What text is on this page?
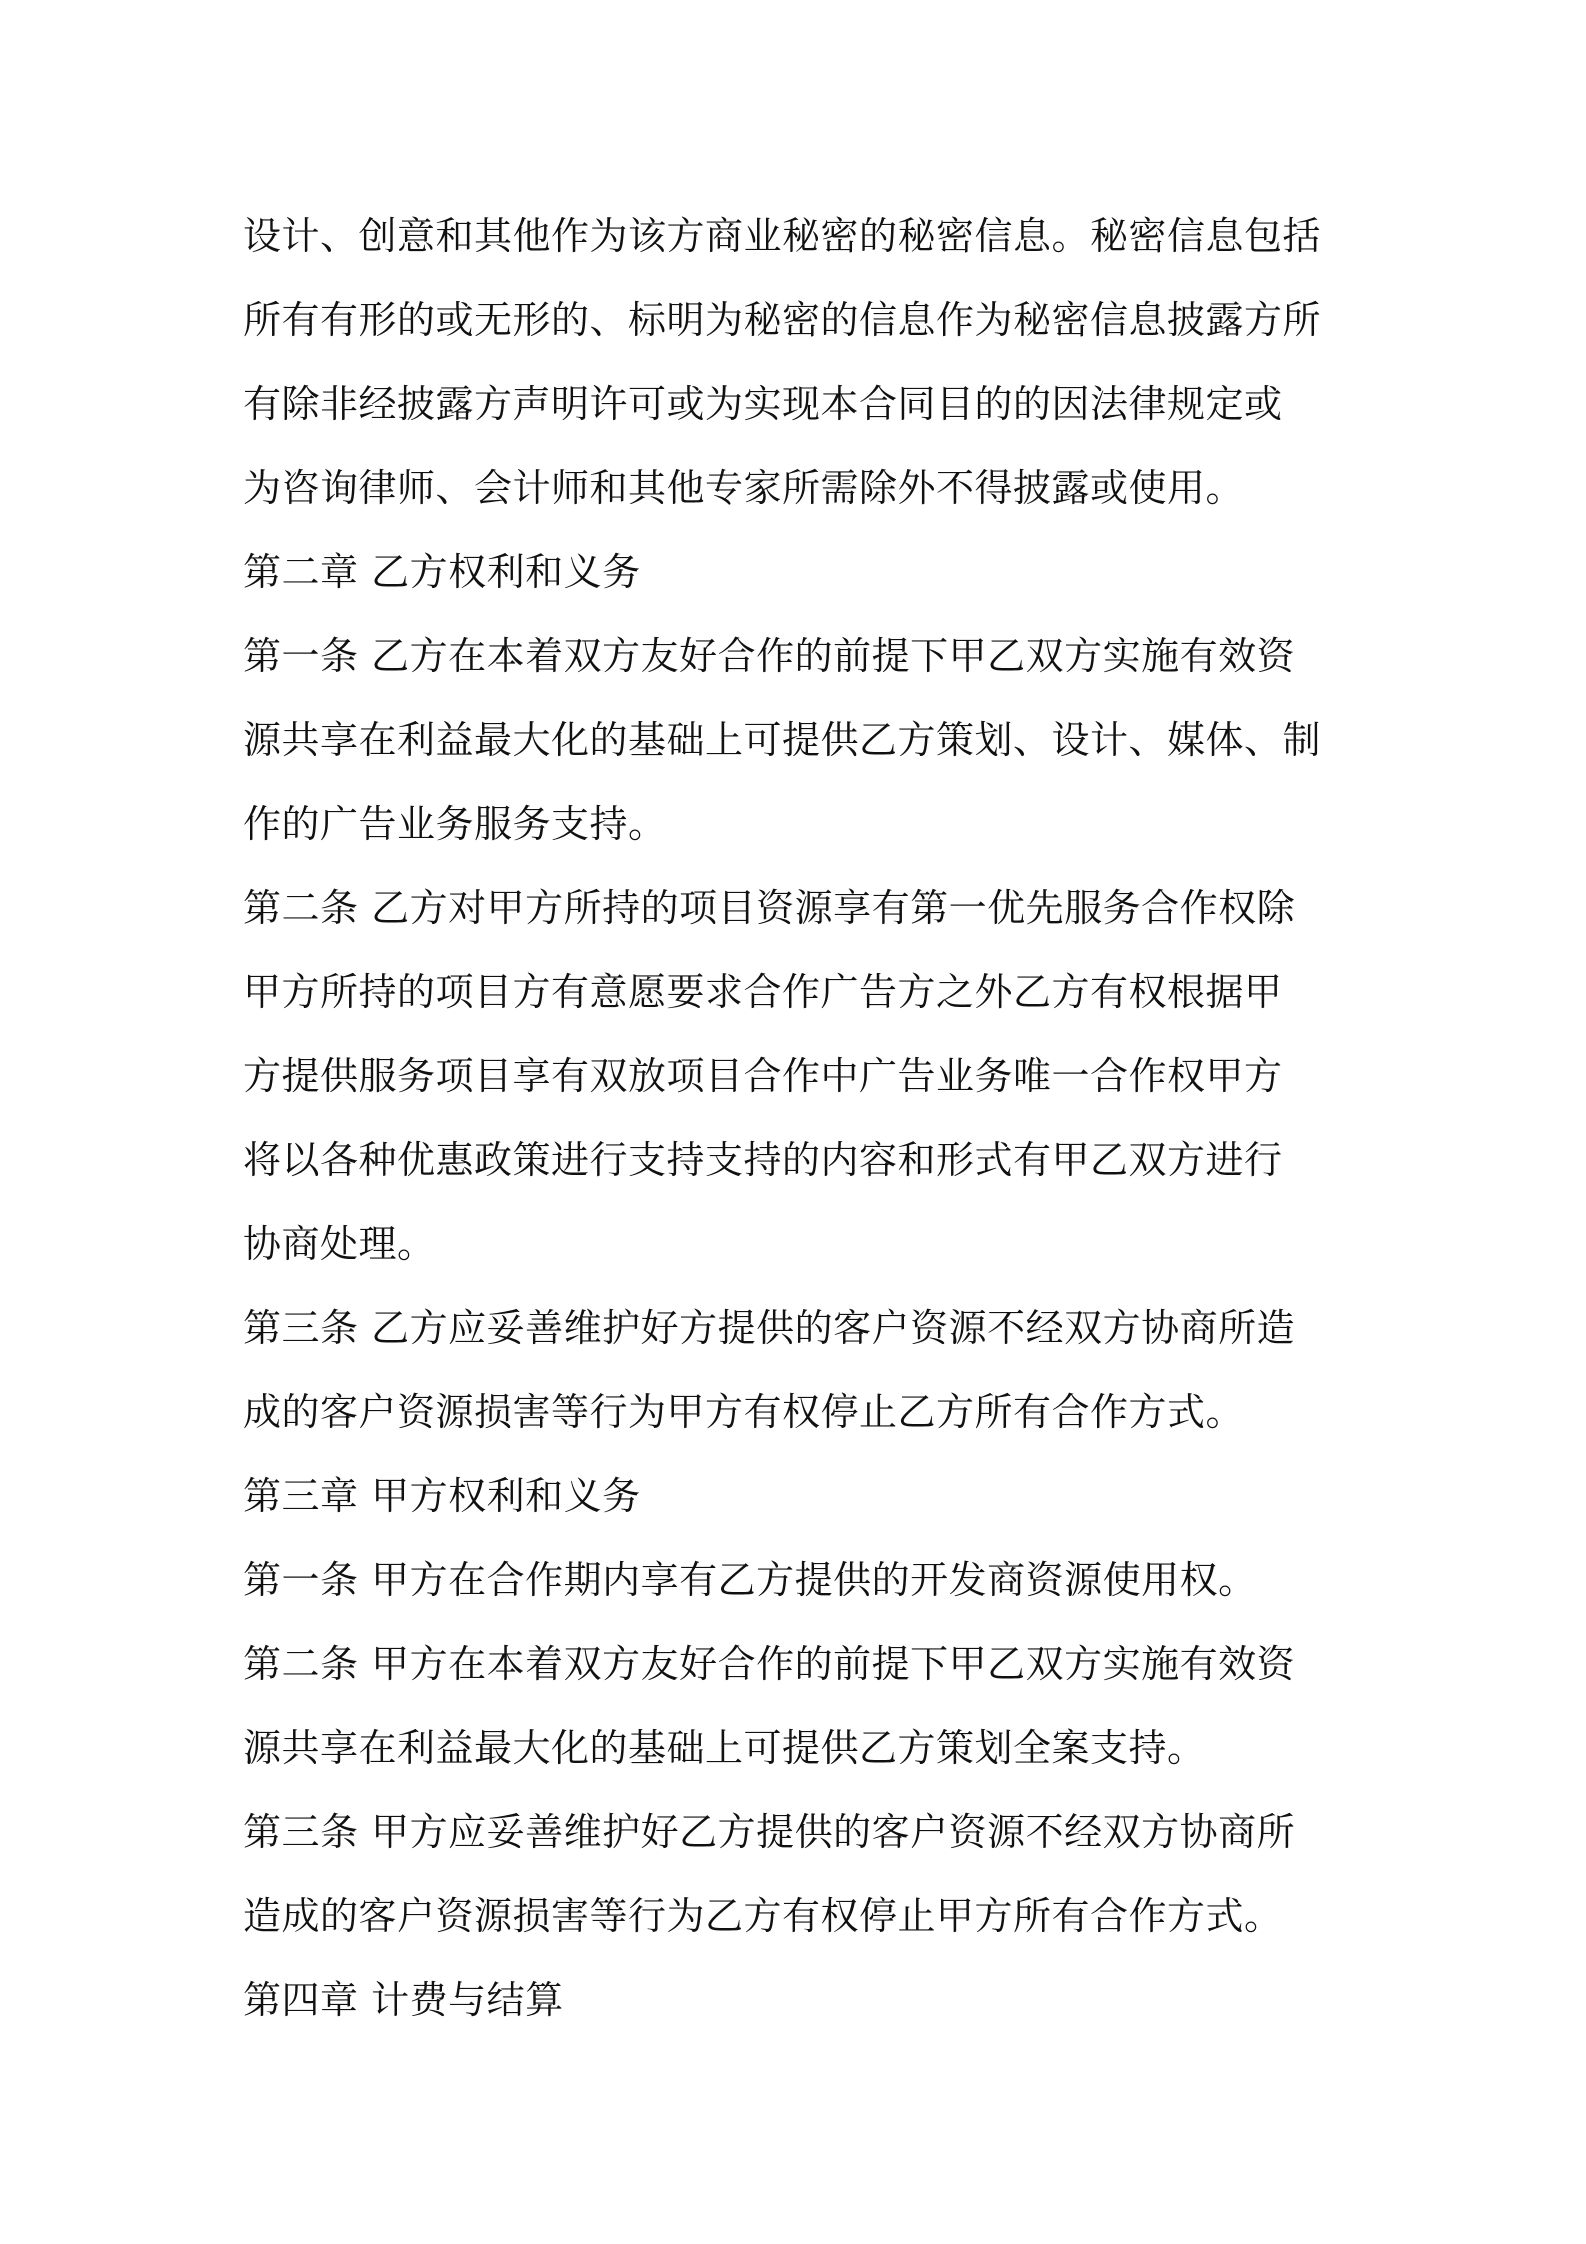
设计、创意和其他作为该方商业秘密的秘密信息。秘密信息包括
所有有形的或无形的、标明为秘密的信息作为秘密信息披露方所
有除非经披露方声明许可或为实现本合同目的的因法律规定或
为咨询律师、会计师和其他专家所需除外不得披露或使用。
第二章 乙方权利和义务
第一条 乙方在本着双方友好合作的前提下甲乙双方实施有效资
源共享在利益最大化的基础上可提供乙方策划、设计、媒体、制
作的广告业务服务支持。
第二条 乙方对甲方所持的项目资源享有第一优先服务合作权除
甲方所持的项目方有意愿要求合作广告方之外乙方有权根据甲
方提供服务项目享有双放项目合作中广告业务唯一合作权甲方
将以各种优惠政策进行支持支持的内容和形式有甲乙双方进行
协商处理。
第三条 乙方应妥善维护好方提供的客户资源不经双方协商所造
成的客户资源损害等行为甲方有权停止乙方所有合作方式。
第三章 甲方权利和义务
第一条 甲方在合作期内享有乙方提供的开发商资源使用权。
第二条 甲方在本着双方友好合作的前提下甲乙双方实施有效资
源共享在利益最大化的基础上可提供乙方策划全案支持。
第三条 甲方应妥善维护好乙方提供的客户资源不经双方协商所
造成的客户资源损害等行为乙方有权停止甲方所有合作方式。
第四章 计费与结算
